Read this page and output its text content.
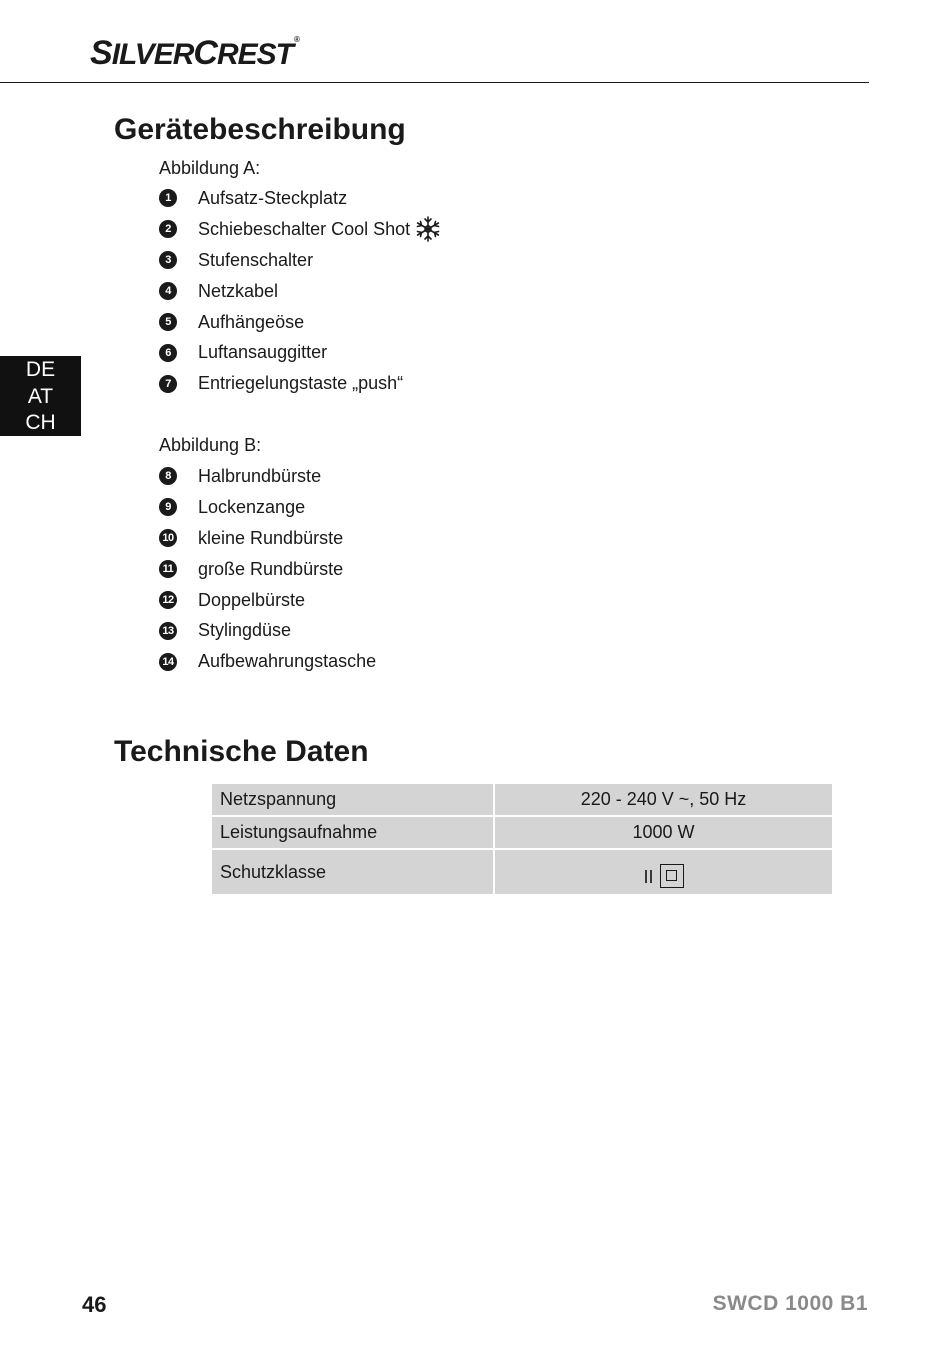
SILVERCREST®
DE
AT
CH
Gerätebeschreibung
Abbildung A:
1	Aufsatz-Steckplatz
2	Schiebeschalter Cool Shot
3	Stufenschalter
4	Netzkabel
5	Aufhängeöse
6	Luftansauggitter
7	Entriegelungstaste „push“
Abbildung B:
8	Halbrundbürste
9	Lockenzange
10 kleine Rundbürste
11 große Rundbürste
12 Doppelbürste
13 Stylingdüse
14 Aufbewahrungstasche
Technische Daten
Netzspannung	220 - 240 V ~, 50 Hz
Leistungsaufnahme	1000 W
Schutzklasse	II
46	SWCD 1000 B1
